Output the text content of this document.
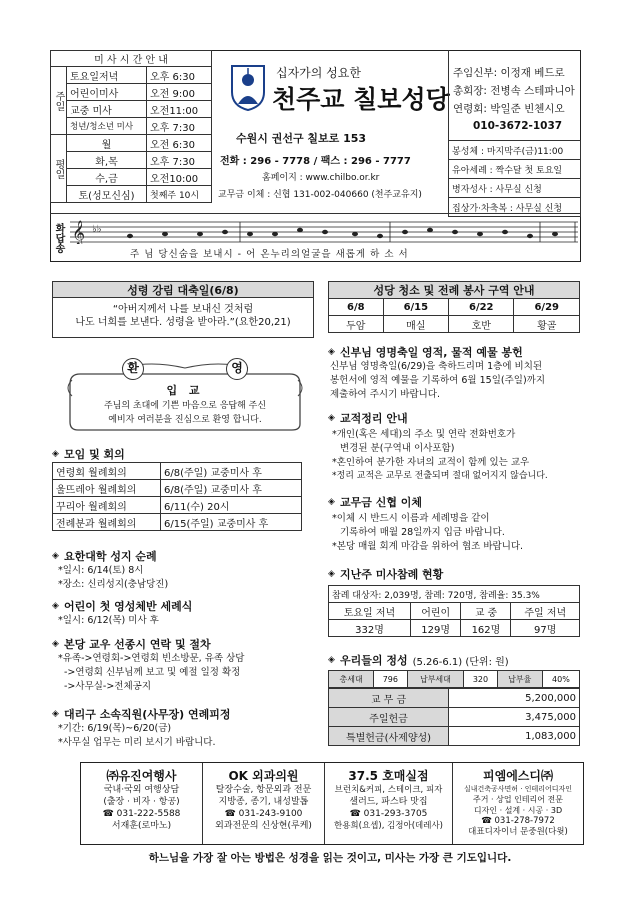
미 사 시 간 안 내		
주일	토요일저녁	오후 6:30
	어린이미사	오전 9:00
	교중 미사	오전11:00
	청년/청소년 미사	오후 7:30
평일	월	오전 6:30
	화,목	오후 7:30
	수,금	오전10:00
	토(성모신심)	첫째주 10시
십자가의 성요한
천주교 칠보성당
수원시 권선구 칠보로 153
전화 : 296 - 7778 / 팩스 : 296 - 7777
홈페이지 : www.chilbo.or.kr
교무금 이체 : 신협 131-002-040660 (천주교유지)
주임신부: 이정재 베드로
총회장: 전병속 스테파니아
연령회: 박일준 빈첸시오
010-3672-1037
봉성체 : 마지막주(금)11:00
유아세례 : 짝수달 첫 토요일
병자성사 : 사무실 신청
집상가·차축복 : 사무실 신청
화답송 𝄞 ♭♭
주 님 당신숨을 보내시 - 어 온누리의얼굴을 새롭게 하 소 서
성령 강림 대축일(6/8)
“아버지께서 나를 보내신 것처럼
나도 너희를 보낸다. 성령을 받아라.”(요한20,21)
환	영
입 교
주님의 초대에 기쁜 마음으로 응답해 주신
예비자 여러분을 진심으로 환영 합니다.
◈ 모임 및 회의
연령회 월례회의	6/8(주일) 교중미사 후
울뜨레아 월례회의	6/8(주일) 교중미사 후
꾸리아 월례회의	6/11(수) 20시
전례분과 월례회의	6/15(주일) 교중미사 후
◈ 요한대학 성지 순례
*일시: 6/14(토) 8시
*장소: 신리성지(충남당진)
◈ 어린이 첫 영성체반 세례식
*일시: 6/12(목) 미사 후
◈ 본당 교우 선종시 연락 및 절차
*유족->연령회->연령회 빈소방문, 유족 상담
->연령회 신부님께 보고 및 예절 일정 확정
->사무실->전체공지
◈ 대리구 소속직원(사무장) 연례피정
*기간: 6/19(목)~6/20(금)
*사무실 업무는 미리 보시기 바랍니다.
성당 청소 및 전례 봉사 구역 안내			
6/8	6/15	6/22	6/29
두암	매실	호반	황골
◈ 신부님 영명축일 영적, 물적 예물 봉헌
신부님 영명축일(6/29)을 축하드리며 1층에 비치된
봉헌서에 영적 예물을 기록하여 6월 15일(주일)까지
제출하여 주시기 바랍니다.
◈ 교적정리 안내
*개인(혹은 세대)의 주소 및 연락 전화번호가
변경된 분(구역내 이사포함)
*혼인하여 분가한 자녀의 교적이 함께 있는 교우
*정리 교적은 교무로 전출되며 절대 없어지지 않습니다.
◈ 교무금 신협 이체
*이체 시 반드시 이름과 세례명을 같이
기록하여 매월 28일까지 입금 바랍니다.
*본당 매월 회계 마감을 위하여 협조 바랍니다.
◈ 지난주 미사참례 현황
참례 대상자: 2,039명, 참례: 720명, 참례율: 35.3%			
토요일 저녁	어린이	교 중	주일 저녁
332명	129명	162명	97명
◈ 우리들의 정성 (5.26-6.1) (단위: 원)
총세대	796	납부세대	320	납부율	40%
교 무 금	5,200,000
주일헌금	3,475,000
특별헌금(사제양성)	1,083,000
㈜유진여행사
국내·국외 여행상담
(출장 · 비자 · 항공)
☎ 031-222-5588
서재훈(로마노)
OK 외과의원
탈장수술, 항문외과 전문
지방종, 종기, 내성발톱
☎ 031-243-9100
외과전문의 신상현(루케)
37.5 호매실점
브런치&커피, 스테이크, 피자
샐러드, 파스타 맛집
☎ 031-293-3705
한용희(요셉), 김정아(데레사)
피엠에스디㈜
실내건축공사면허 · 인테리어디자인
주거 · 상업 인테리어 전문
디자인 · 설계 · 시공 · 3D
☎ 031-278-7972
대표디자이너 문중원(다윗)
하느님을 가장 잘 아는 방법은 성경을 읽는 것이고, 미사는 가장 큰 기도입니다.
